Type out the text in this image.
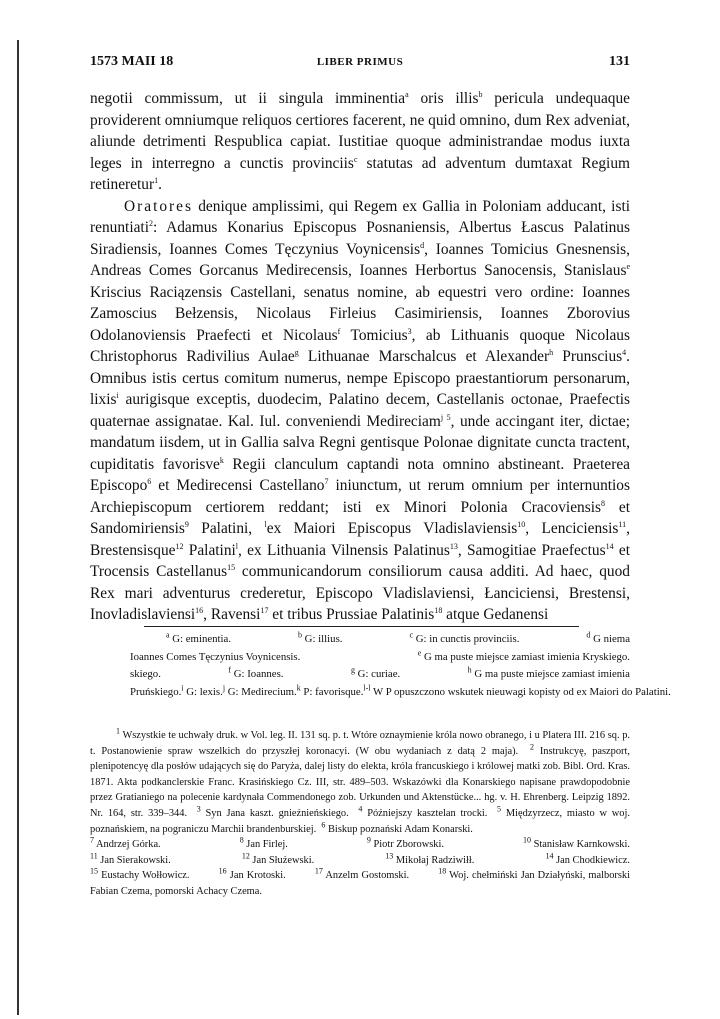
1573 MAII 18	LIBER PRIMUS	131

negotii commissum, ut ii singula imminentia$^a$ oris illis$^b$ pericula undequaque providerent omniumque reliquos certiores facerent, ne quid omnino, dum Rex adveniat, aliunde detrimenti Respublica capiat. Iustitiae quoque administrandae modus iuxta leges in interregno a cunctis provinciis$^c$ statutas ad adventum dumtaxat Regium retineretur$^1$.

Oratores denique amplissimi, qui Regem ex Gallia in Poloniam adducant, isti renuntiati$^2$: Adamus Konarius Episcopus Posnaniensis, Albertus Łascus Palatinus Siradiensis, Ioannes Comes Tęczynius Voynicensis$^d$, Ioannes Tomicius Gnesnensis, Andreas Comes Gorcanus Medirecensis, Ioannes Herbortus Sanocensis, Stanislaus$^e$ Kriscius Raciązensis Castellani, senatus nomine, ab equestri vero ordine: Ioannes Zamoscius Bełzensis, Nicolaus Firleius Casimiriensis, Ioannes Zborovius Odolanoviensis Praefecti et Nicolaus$^f$ Tomicius$^3$, ab Lithuanis quoque Nicolaus Christophorus Radivilius Aulae$^g$ Lithuanae Marschalcus et Alexander$^h$ Prunscius$^4$. Omnibus istis certus comitum numerus, nempe Episcopo praestantiorum personarum, lixis$^i$ aurigisque exceptis, duodecim, Palatino decem, Castellanis octonae, Praefectis quaternae assignatae. Kal. Iul. conveniendi Medireciam$^{j 5}$, unde accingant iter, dictae; mandatum iisdem, ut in Gallia salva Regni gentisque Polonae dignitate cuncta tractent, cupiditatis favorisve$^k$ Regii clanculum captandi nota omnino abstineant. Praeterea Episcopo$^6$ et Medirecensi Castellano$^7$ iniunctum, ut rerum omnium per internuntios Archiepiscopum certiorem reddant; isti ex Minori Polonia Cracoviensis$^8$ et Sandomiriensis$^9$ Palatini, $^l$ex Maiori Episcopus Vladislaviensis$^{10}$, Lenciciensis$^{11}$, Brestensisque$^{12}$ Palatini$^l$, ex Lithuania Vilnensis Palatinus$^{13}$, Samogitiae Praefectus$^{14}$ et Trocensis Castellanus$^{15}$ communicandorum consiliorum causa additi. Ad haec, quod Rex mari adventurus crederetur, Episcopo Vladislaviensi, Łanciciensi, Brestensi, Inovladislaviensi$^{16}$, Ravensi$^{17}$ et tribus Prussiae Palatinis$^{18}$ atque Gedanensi

$^a$ G: eminentia.	$^b$ G: illius.	$^c$ G: in cunctis provinciis.	$^d$ G niema
Ioannes Comes Tęczynius Voynicensis.	$^e$ G ma puste miejsce zamiast imienia Kryskiego.
skiego.	$^f$ G: Ioannes.	$^g$ G: curiae.	$^h$ G ma puste miejsce zamiast imienia
Pruńskiego. $^i$ G: lexis. $^j$ G: Medirecium. $^k$ P: favorisque. $^{l-l}$ W P opuszczono wskutek nieuwagi kopisty od ex Maiori do Palatini.

$^1$ Wszystkie te uchwały druk. w Vol. leg. II. 131 sq. p. t. Wtóre oznaymienie króla nowo obranego, i u Platera III. 216 sq. p. t. Postanowienie spraw wszelkich do przyszłej koronacyi. (W obu wydaniach z datą 2 maja).  $^2$ Instrukcyę, paszport, plenipotencyę dla posłów udających się do Paryża, dalej listy do elekta, króla francuskiego i królowej matki zob. Bibl. Ord. Kras. 1871. Akta podkanclerskie Franc. Krasińskiego Cz. III, str. 489–503. Wskazówki dla Konarskiego napisane prawdopodobnie przez Gratianiego na polecenie kardynała Commendonego zob. Urkunden und Aktenstücke... hg. v. H. Ehrenberg. Leipzig 1892. Nr. 164, str. 339–344.  $^3$ Syn Jana kaszt. gnieźnieńskiego.  $^4$ Późniejszy kasztelan trocki.  $^5$ Międzyrzecz, miasto w woj. poznańskiem, na pograniczu Marchii brandenburskiej.  $^6$ Biskup poznański Adam Konarski.

$^7$ Andrzej Górka.	$^8$ Jan Firlej.	$^9$ Piotr Zborowski.	$^{10}$ Stanisław Karnkowski.
$^{11}$ Jan Sierakowski.	$^{12}$ Jan Służewski.	$^{13}$ Mikołaj Radziwiłł.	$^{14}$ Jan Chodkiewicz.

$^{15}$ Eustachy Wołłowicz.	$^{16}$ Jan Krotoski.	$^{17}$ Anzelm Gostomski.	$^{18}$ Woj. chełmiński Jan Działyński, malborski Fabian Czema, pomorski Achacy Czema.
